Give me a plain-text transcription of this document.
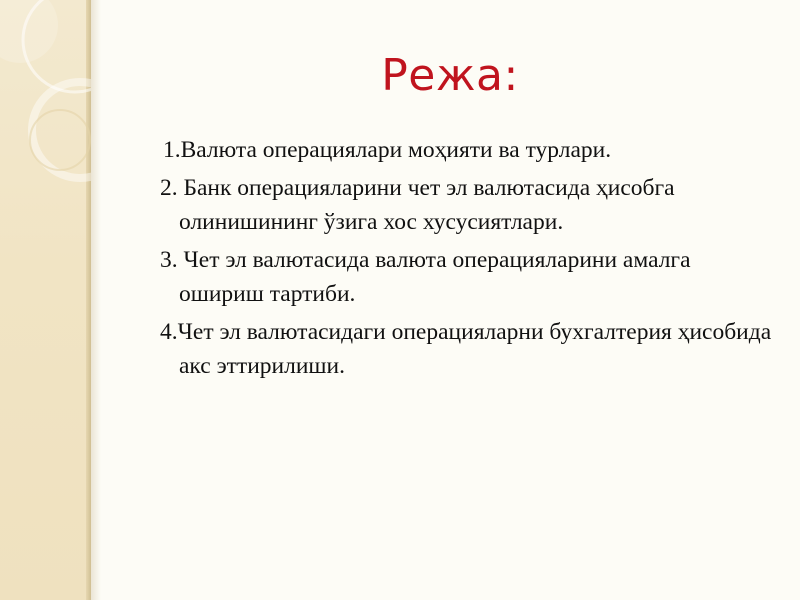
Режа:
1.Валюта операциялари моҳияти ва турлари.
2. Банк операцияларини чет эл валютасида ҳисобга олинишининг ўзига хос хусусиятлари.
3. Чет эл валютасида валюта операцияларини амалга ошириш тартиби.
4.Чет эл валютасидаги операцияларни бухгалтерия ҳисобида акс эттирилиши.
